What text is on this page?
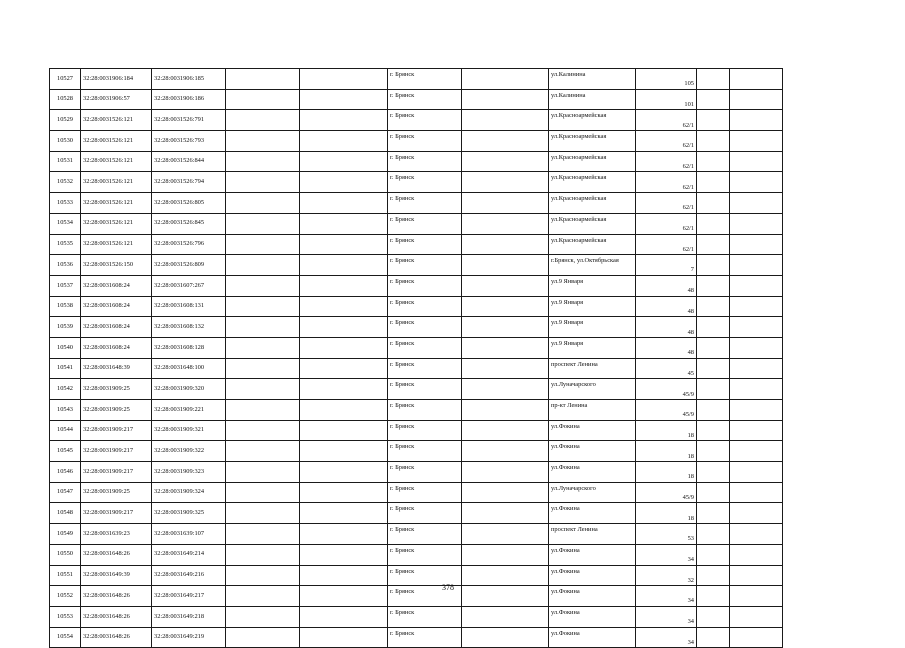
10527	32:28:0031906:184	32:28:0031906:185			г. Брянск		ул.Калинина	105		
10528	32:28:0031906:57	32:28:0031906:186			г. Брянск		ул.Калинина	101		
10529	32:28:0031526:121	32:28:0031526:791			г. Брянск		ул.Красноармейская	62/1		
10530	32:28:0031526:121	32:28:0031526:793			г. Брянск		ул.Красноармейская	62/1		
10531	32:28:0031526:121	32:28:0031526:844			г. Брянск		ул.Красноармейская	62/1		
10532	32:28:0031526:121	32:28:0031526:794			г. Брянск		ул.Красноармейская	62/1		
10533	32:28:0031526:121	32:28:0031526:805			г. Брянск		ул.Красноармейская	62/1		
10534	32:28:0031526:121	32:28:0031526:845			г. Брянск		ул.Красноармейская	62/1		
10535	32:28:0031526:121	32:28:0031526:796			г. Брянск		ул.Красноармейская	62/1		
10536	32:28:0031526:150	32:28:0031526:809			г. Брянск		г.Брянск, ул.Октябрьская	7		
10537	32:28:0031608:24	32:28:0031607:267			г. Брянск		ул.9 Января	48		
10538	32:28:0031608:24	32:28:0031608:131			г. Брянск		ул.9 Января	48		
10539	32:28:0031608:24	32:28:0031608:132			г. Брянск		ул.9 Января	48		
10540	32:28:0031608:24	32:28:0031608:128			г. Брянск		ул.9 Января	48		
10541	32:28:0031648:39	32:28:0031648:100			г. Брянск		проспект Ленина	45		
10542	32:28:0031909:25	32:28:0031909:320			г. Брянск		ул.Луначарского	45/9		
10543	32:28:0031909:25	32:28:0031909:221			г. Брянск		пр-кт Ленина	45/9		
10544	32:28:0031909:217	32:28:0031909:321			г. Брянск		ул.Фокина	18		
10545	32:28:0031909:217	32:28:0031909:322			г. Брянск		ул.Фокина	18		
10546	32:28:0031909:217	32:28:0031909:323			г. Брянск		ул.Фокина	18		
10547	32:28:0031909:25	32:28:0031909:324			г. Брянск		ул.Луначарского	45/9		
10548	32:28:0031909:217	32:28:0031909:325			г. Брянск		ул.Фокина	18		
10549	32:28:0031639:23	32:28:0031639:107			г. Брянск		проспект Ленина	53		
10550	32:28:0031648:26	32:28:0031649:214			г. Брянск		ул.Фокина	34		
10551	32:28:0031649:39	32:28:0031649:216			г. Брянск		ул.Фокина	32		
10552	32:28:0031648:26	32:28:0031649:217			г. Брянск		ул.Фокина	34		
10553	32:28:0031648:26	32:28:0031649:218			г. Брянск		ул.Фокина	34		
10554	32:28:0031648:26	32:28:0031649:219			г. Брянск		ул.Фокина	34		
378
